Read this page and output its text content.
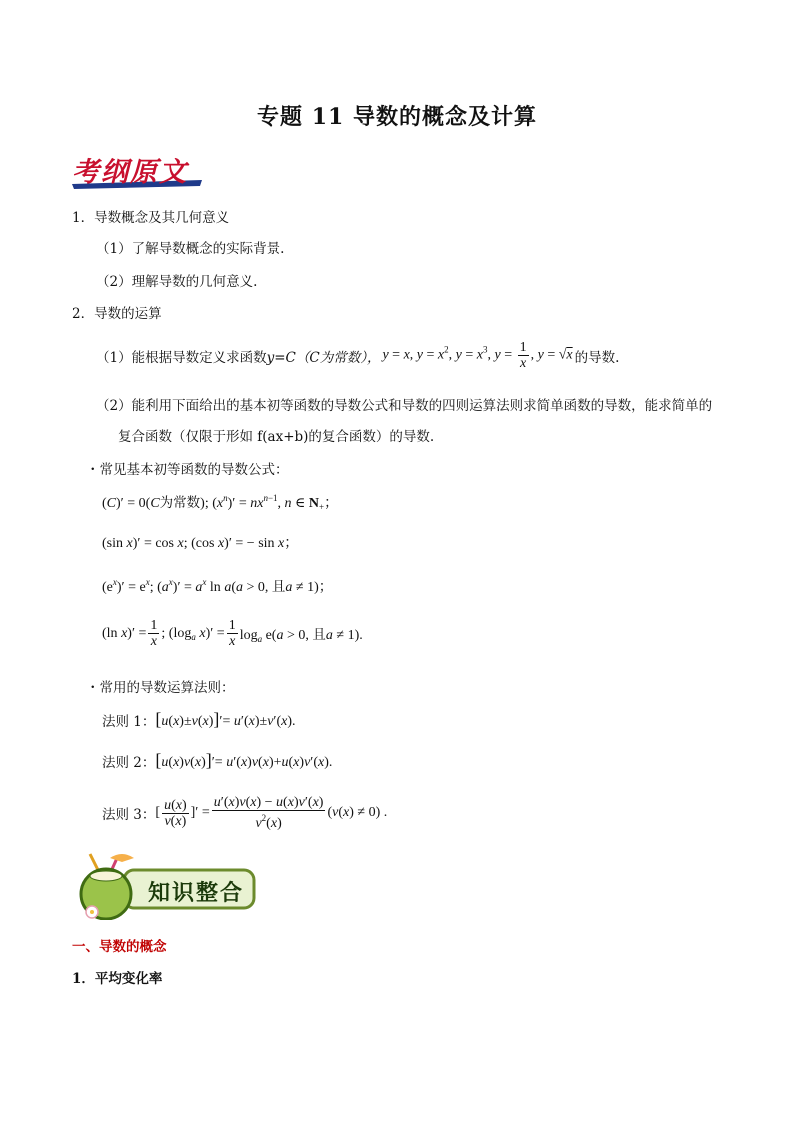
专题 11 导数的概念及计算
考纲原文
1．导数概念及其几何意义
（1）了解导数概念的实际背景.
（2）理解导数的几何意义.
2．导数的运算
（1）能根据导数定义求函数 y=C（C为常数）， y = x, $y = x^2$, $y = x^3$, $y = \frac{1}{x}$ , y = √x 的导数.
（2）能利用下面给出的基本初等函数的导数公式和导数的四则运算法则求简单函数的导数，能求简单的
复合函数（仅限于形如 f(ax+b)的复合函数）的导数.
・常见基本初等函数的导数公式：
(C)′ = 0(C为常数); $(x^n)' = nx^{n-1}$, n ∈ $N_+$；
(sin x)′ = cos x; (cos x)′ = − sin x；
$(e^x)' = e^x$; $(a^x)' = a^x$ ln a(a > 0, 且a ≠ 1)；
(ln $x)' = \frac{1}{x}$ ; ($\log_a$ $x)' = \frac{1}{x} \log_a e(a > 0$, 且a ≠ 1).
・常用的导数运算法则：
法则 1： [u(x)±v(x)]′= u′(x)±v′(x).
法则 2： [u(x)v(x)]′= u′(x)v(x)+u(x)v′(x).
法则 3： [ $\frac{u(x)}{v(x)}$ ]′ = $\frac{u'(x)v(x) - u(x)v'(x)}{v^2(x)}$ ( v ( x ) ≠ 0) .
知识整合
一、导数的概念
1．平均变化率
